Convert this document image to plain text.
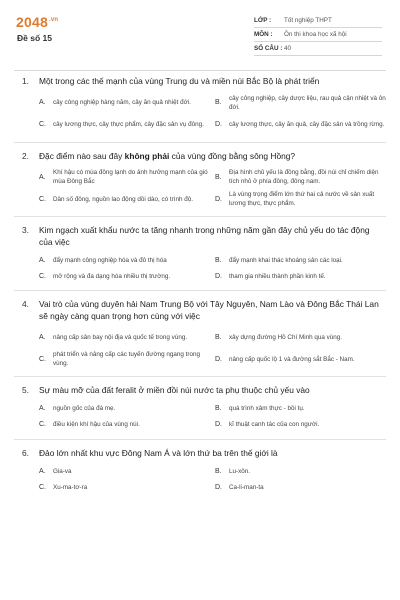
$2048^{.vn}$
Đề số 15
LỚP :	Tốt nghiệp THPT
MÔN :	Ôn thi khoa học xã hội
SỐ CÂU : 40
1.	Một trong các thế mạnh của vùng Trung du và miền núi Bắc Bộ là phát triển
A.	cây công nghiệp hàng năm, cây ăn quả nhiệt đới.	B.
cây công nghiệp, cây dược liệu, rau quả cận nhiệt và ôn đới.
C.	cây lương thực, cây thực phẩm, cây đặc sản vụ đông. D.	cây lương thực, cây ăn quả, cây đặc sản và trồng rừng.
2.	Đặc điểm nào sau đây không phải của vùng đồng bằng sông Hồng?
A.
Khí hậu có mùa đông lạnh do ảnh hưởng mạnh của gió mùa Đông Bắc
B.
Địa hình chủ yếu là đồng bằng, đồi núi chỉ chiếm diện tích nhỏ ở phía đông, đông nam.
C.	Dân số đông, nguồn lao động dồi dào, có trình độ.	D.
Là vùng trọng điểm lớn thứ hai cả nước về sản xuất lương thực, thực phẩm.
3.	Kim ngạch xuất khẩu nước ta tăng nhanh trong những năm gần đây chủ yếu do tác động của việc
A.	đẩy mạnh công nghiệp hóa và đô thị hóa	B.	đẩy mạnh khai thác khoáng sản các loại.
C.	mở rộng và đa dạng hóa nhiều thị trường.	D.	tham gia nhiều thành phần kinh tế.
4.	Vai trò của vùng duyên hải Nam Trung Bộ với Tây Nguyên, Nam Lào và Đông Bắc Thái Lan sẽ ngày càng quan trọng hơn cùng với việc
A.	nâng cấp sân bay nội địa và quốc tế trong vùng.	B.	xây dựng đường Hồ Chí Minh qua vùng.
C.
phát triển và nâng cấp các tuyến đường ngang trong vùng.
D.	nâng cấp quốc lộ 1 và đường sắt Bắc - Nam.
5.	Sự màu mỡ của đất feralit ở miền đồi núi nước ta phụ thuộc chủ yếu vào
A.	nguồn gốc của đá mẹ.	B.	quá trình xâm thực - bồi tụ.
C.	điều kiện khí hậu của vùng núi.	D.	kĩ thuật canh tác của con người.
6.	Đảo lớn nhất khu vực Đông Nam Á và lớn thứ ba trên thế giới là
A.	Gia-va	B.	Lu-xôn.
C.	Xu-ma-tơ-ra	D.	Ca-li-man-ta
